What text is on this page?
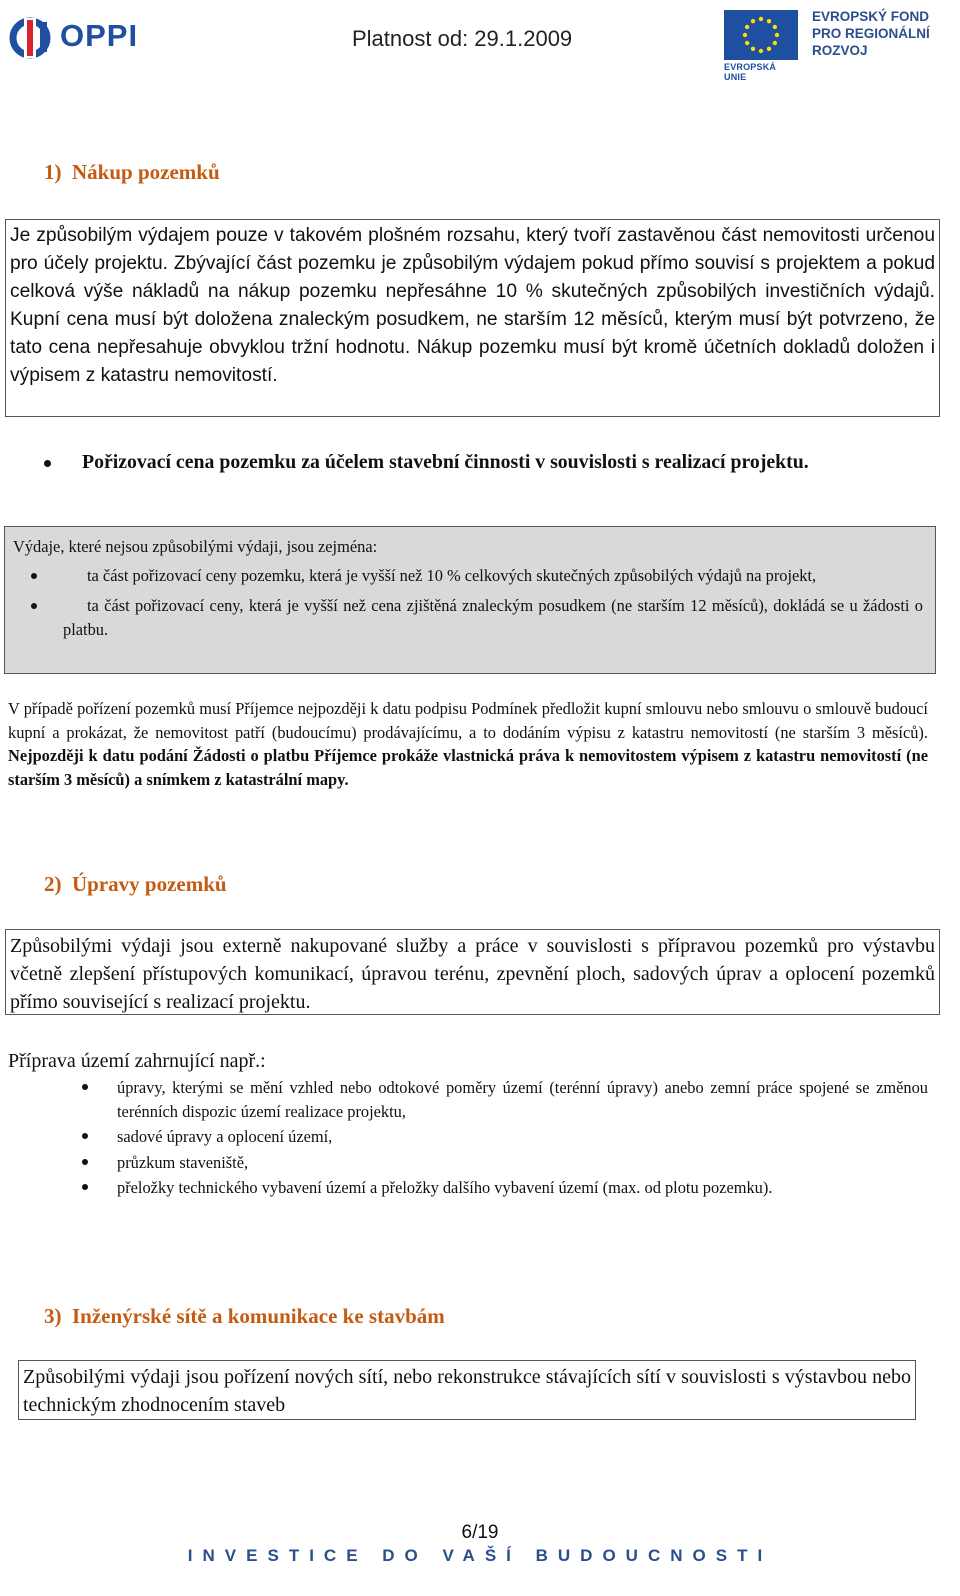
OPPI	Platnost od: 29.1.2009
EVROPSKÁ UNIE
EVROPSKÝ FOND
PRO REGIONÁLNÍ
ROZVOJ
1)  Nákup pozemků
Je způsobilým výdajem pouze v takovém plošném rozsahu, který tvoří zastavěnou část nemovitosti určenou pro účely projektu. Zbývající část pozemku je způsobilým výdajem pokud přímo souvisí s projektem a pokud celková výše nákladů na nákup pozemku nepřesáhne 10 % skutečných způsobilých investičních výdajů. Kupní cena musí být doložena znaleckým posudkem, ne starším 12 měsíců, kterým musí být potvrzeno, že tato cena nepřesahuje obvyklou tržní hodnotu. Nákup pozemku musí být kromě účetních dokladů doložen i výpisem z katastru nemovitostí.
Pořizovací cena pozemku za účelem stavební činnosti v souvislosti s realizací projektu.
Výdaje, které nejsou způsobilými výdaji, jsou zejména:
ta část pořizovací ceny pozemku, která je vyšší než 10 % celkových skutečných způsobilých výdajů na projekt,
ta část pořizovací ceny, která je vyšší než cena zjištěná znaleckým posudkem (ne starším 12 měsíců), dokládá se u žádosti o platbu.
V případě pořízení pozemků musí Příjemce nejpozději k datu podpisu Podmínek předložit kupní smlouvu nebo smlouvu o smlouvě budoucí kupní a prokázat, že nemovitost patří (budoucímu) prodávajícímu, a to dodáním výpisu z katastru nemovitostí (ne starším 3 měsíců). Nejpozději k datu podání Žádosti o platbu Příjemce prokáže vlastnická práva k nemovitostem výpisem z katastru nemovitostí (ne starším 3 měsíců) a snímkem z katastrální mapy.
2)  Úpravy pozemků
Způsobilými výdaji jsou externě nakupované služby a práce v souvislosti s přípravou pozemků pro výstavbu včetně zlepšení přístupových komunikací, úpravou terénu, zpevnění ploch, sadových úprav a oplocení pozemků přímo související s realizací projektu.
Příprava území zahrnující např.:
úpravy, kterými se mění vzhled nebo odtokové poměry území (terénní úpravy) anebo zemní práce spojené se změnou terénních dispozic území realizace projektu,
sadové úpravy a oplocení území,
průzkum staveniště,
přeložky technického vybavení území a přeložky dalšího vybavení území (max. od plotu pozemku).
3)  Inženýrské sítě a komunikace ke stavbám
Způsobilými výdaji jsou pořízení nových sítí, nebo rekonstrukce stávajících sítí v souvislosti s výstavbou nebo technickým zhodnocením staveb
6/19
INVESTICE DO VAŠÍ BUDOUCNOSTI
